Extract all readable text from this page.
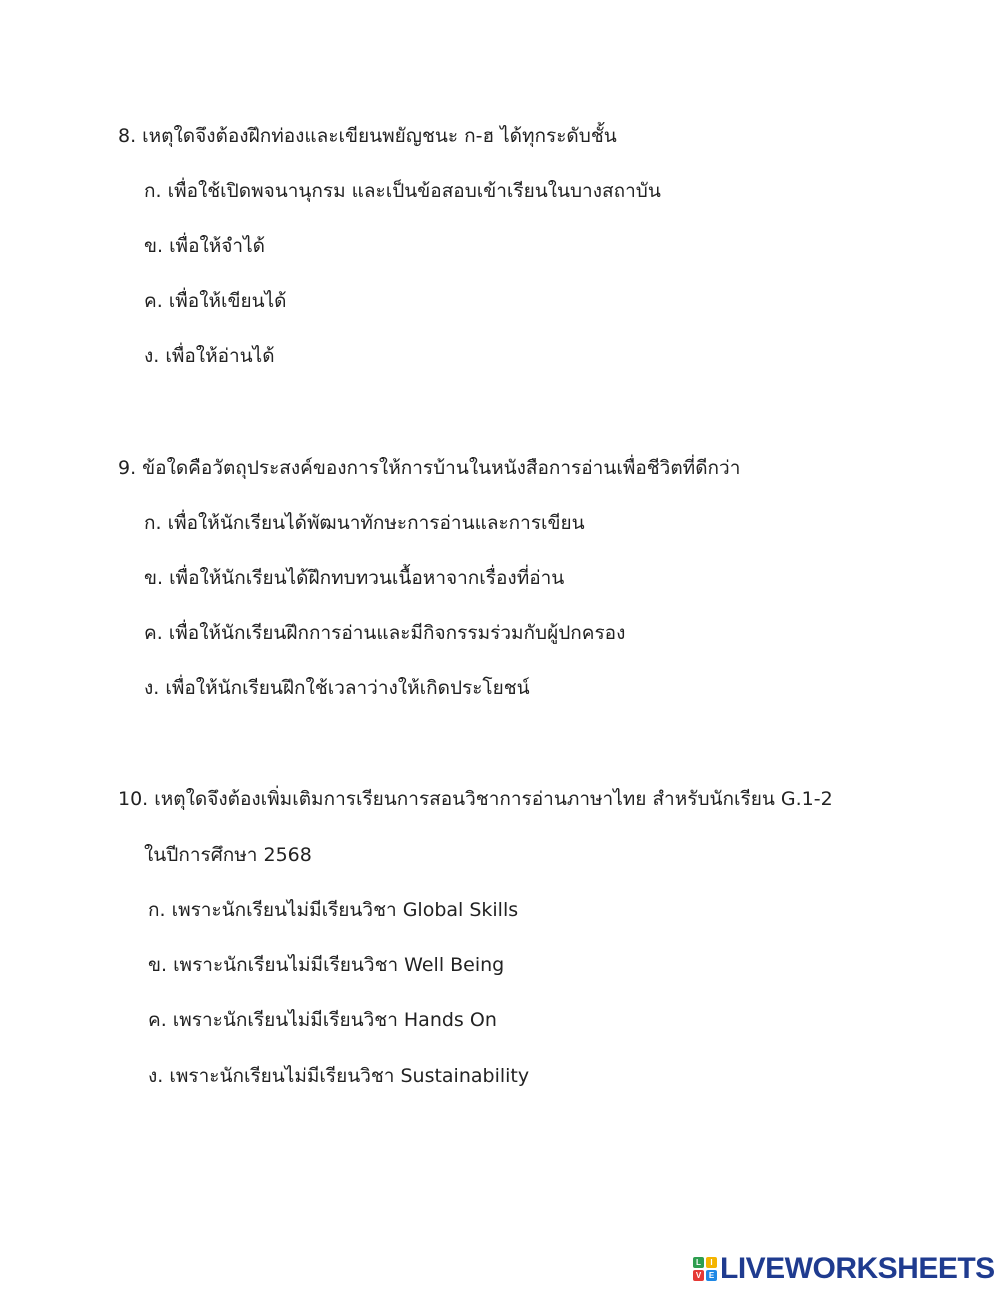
8. เหตุใดจึงต้องฝึกท่องและเขียนพยัญชนะ ก-ฮ ได้ทุกระดับชั้น
ก. เพื่อใช้เปิดพจนานุกรม และเป็นข้อสอบเข้าเรียนในบางสถาบัน
ข. เพื่อให้จำได้
ค. เพื่อให้เขียนได้
ง. เพื่อให้อ่านได้
9. ข้อใดคือวัตถุประสงค์ของการให้การบ้านในหนังสือการอ่านเพื่อชีวิตที่ดีกว่า
ก. เพื่อให้นักเรียนได้พัฒนาทักษะการอ่านและการเขียน
ข. เพื่อให้นักเรียนได้ฝึกทบทวนเนื้อหาจากเรื่องที่อ่าน
ค. เพื่อให้นักเรียนฝึกการอ่านและมีกิจกรรมร่วมกับผู้ปกครอง
ง. เพื่อให้นักเรียนฝึกใช้เวลาว่างให้เกิดประโยชน์
10. เหตุใดจึงต้องเพิ่มเติมการเรียนการสอนวิชาการอ่านภาษาไทย สำหรับนักเรียน G.1-2
ในปีการศึกษา 2568
ก. เพราะนักเรียนไม่มีเรียนวิชา Global Skills
ข. เพราะนักเรียนไม่มีเรียนวิชา Well Being
ค. เพราะนักเรียนไม่มีเรียนวิชา Hands On
ง. เพราะนักเรียนไม่มีเรียนวิชา Sustainability
L	I
V E LIVEWORKSHEETS
